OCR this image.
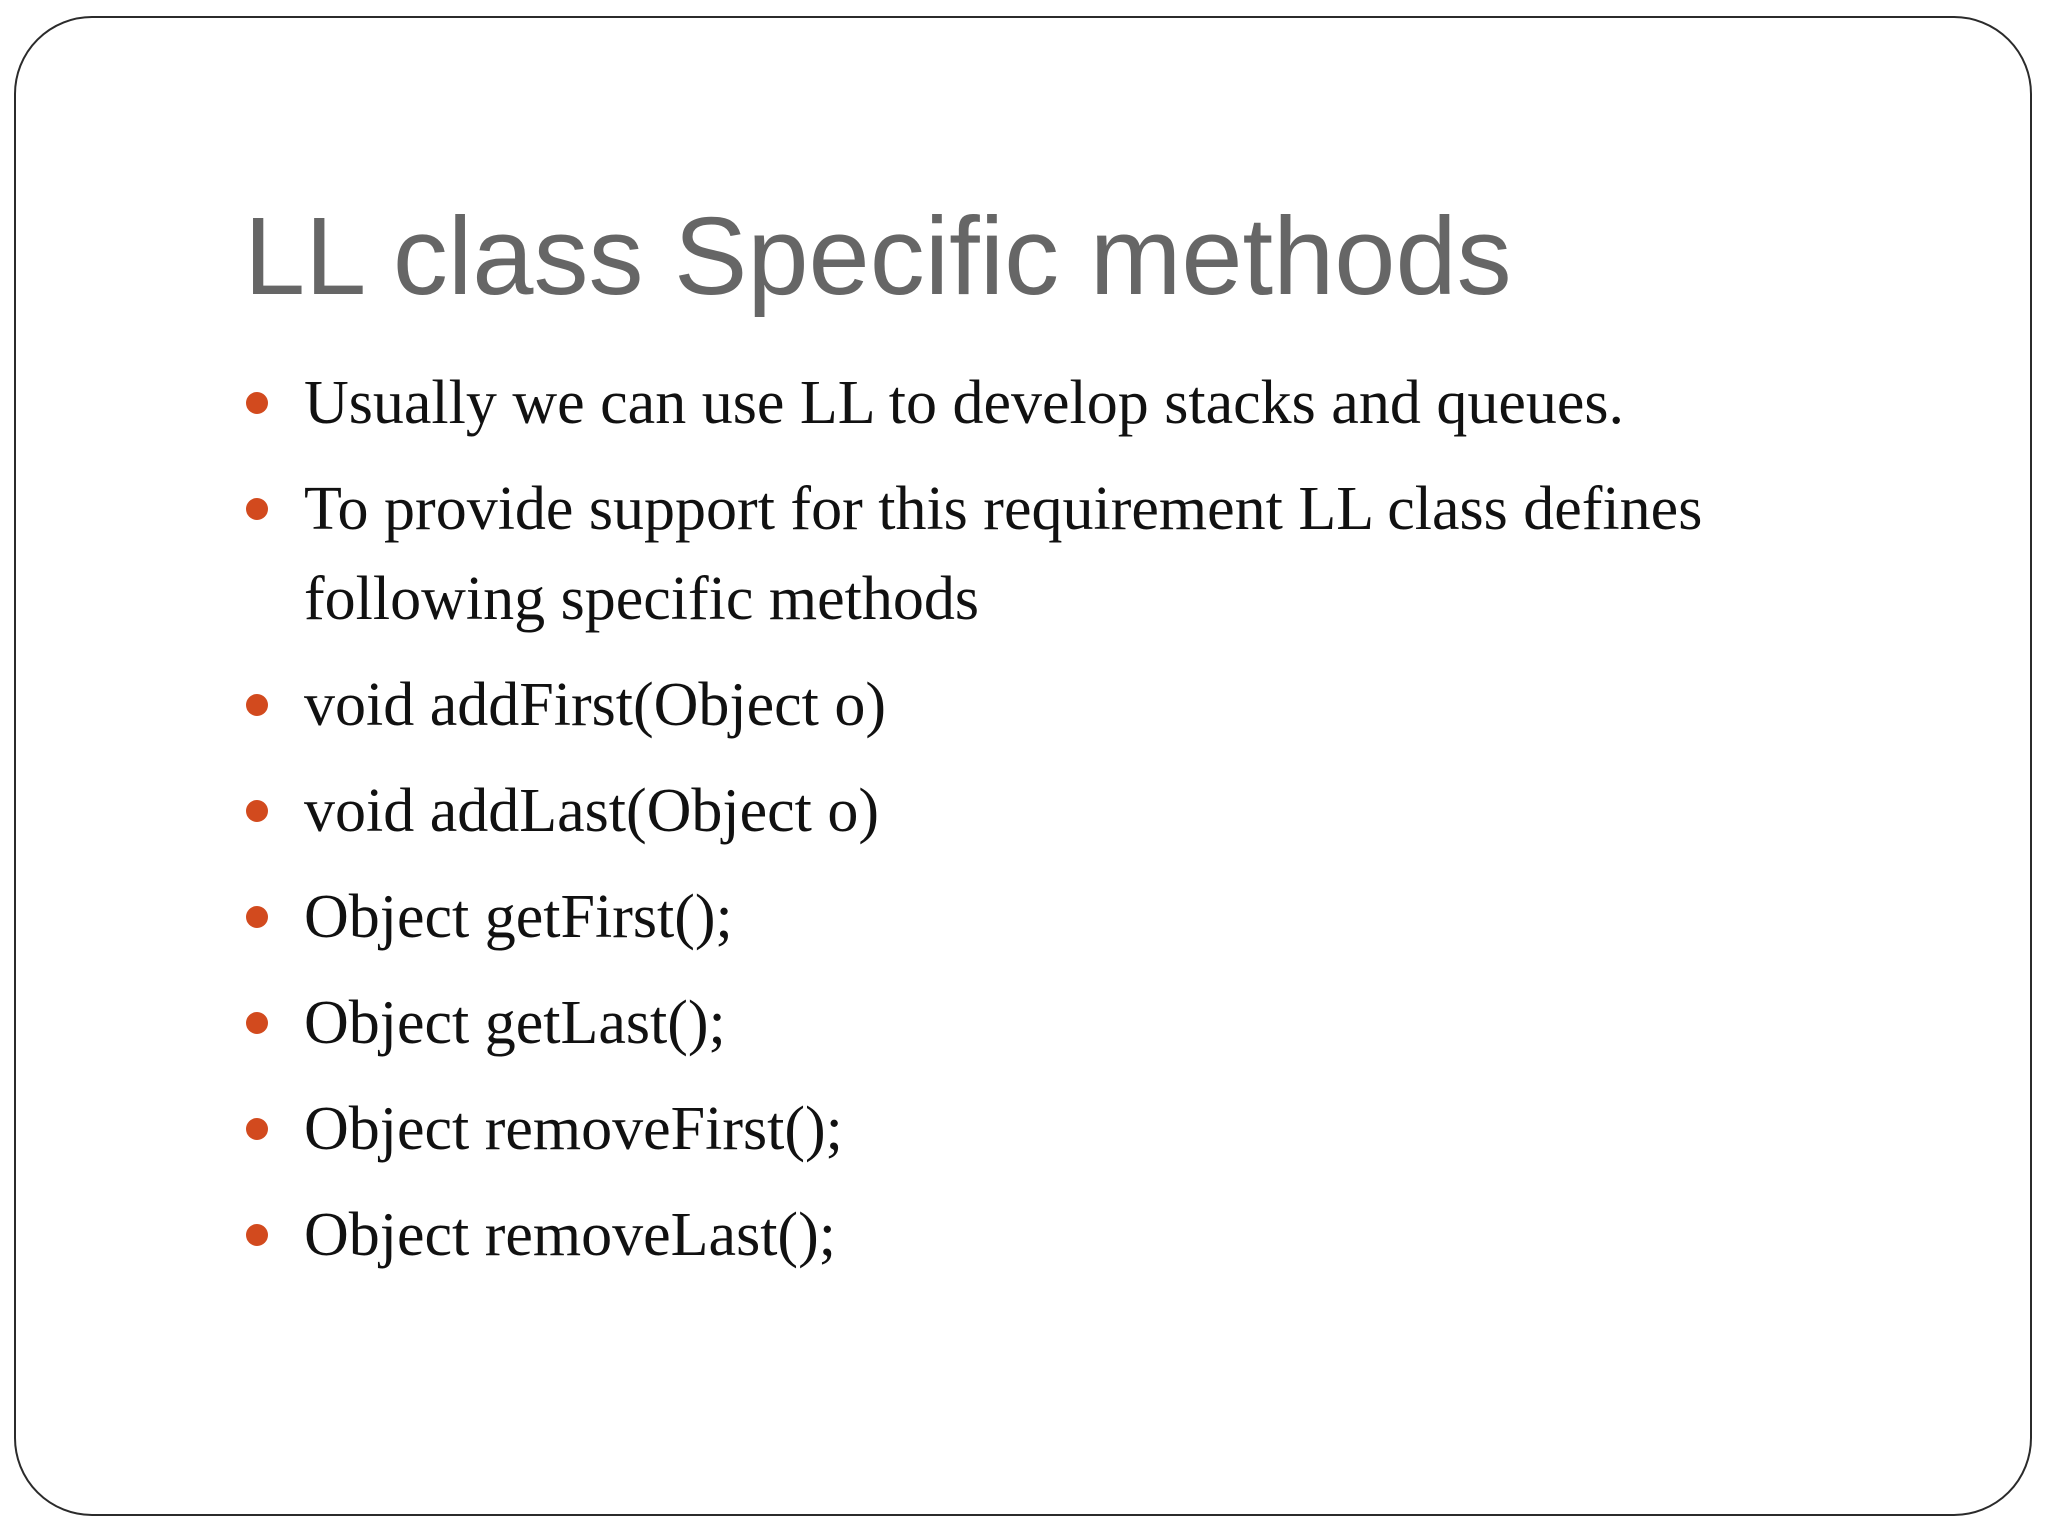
LL class Specific methods
Usually we can use LL to develop stacks and queues.
To provide support for this requirement LL class defines following specific methods
void addFirst(Object o)
void addLast(Object o)
Object getFirst();
Object getLast();
Object removeFirst();
Object removeLast();
